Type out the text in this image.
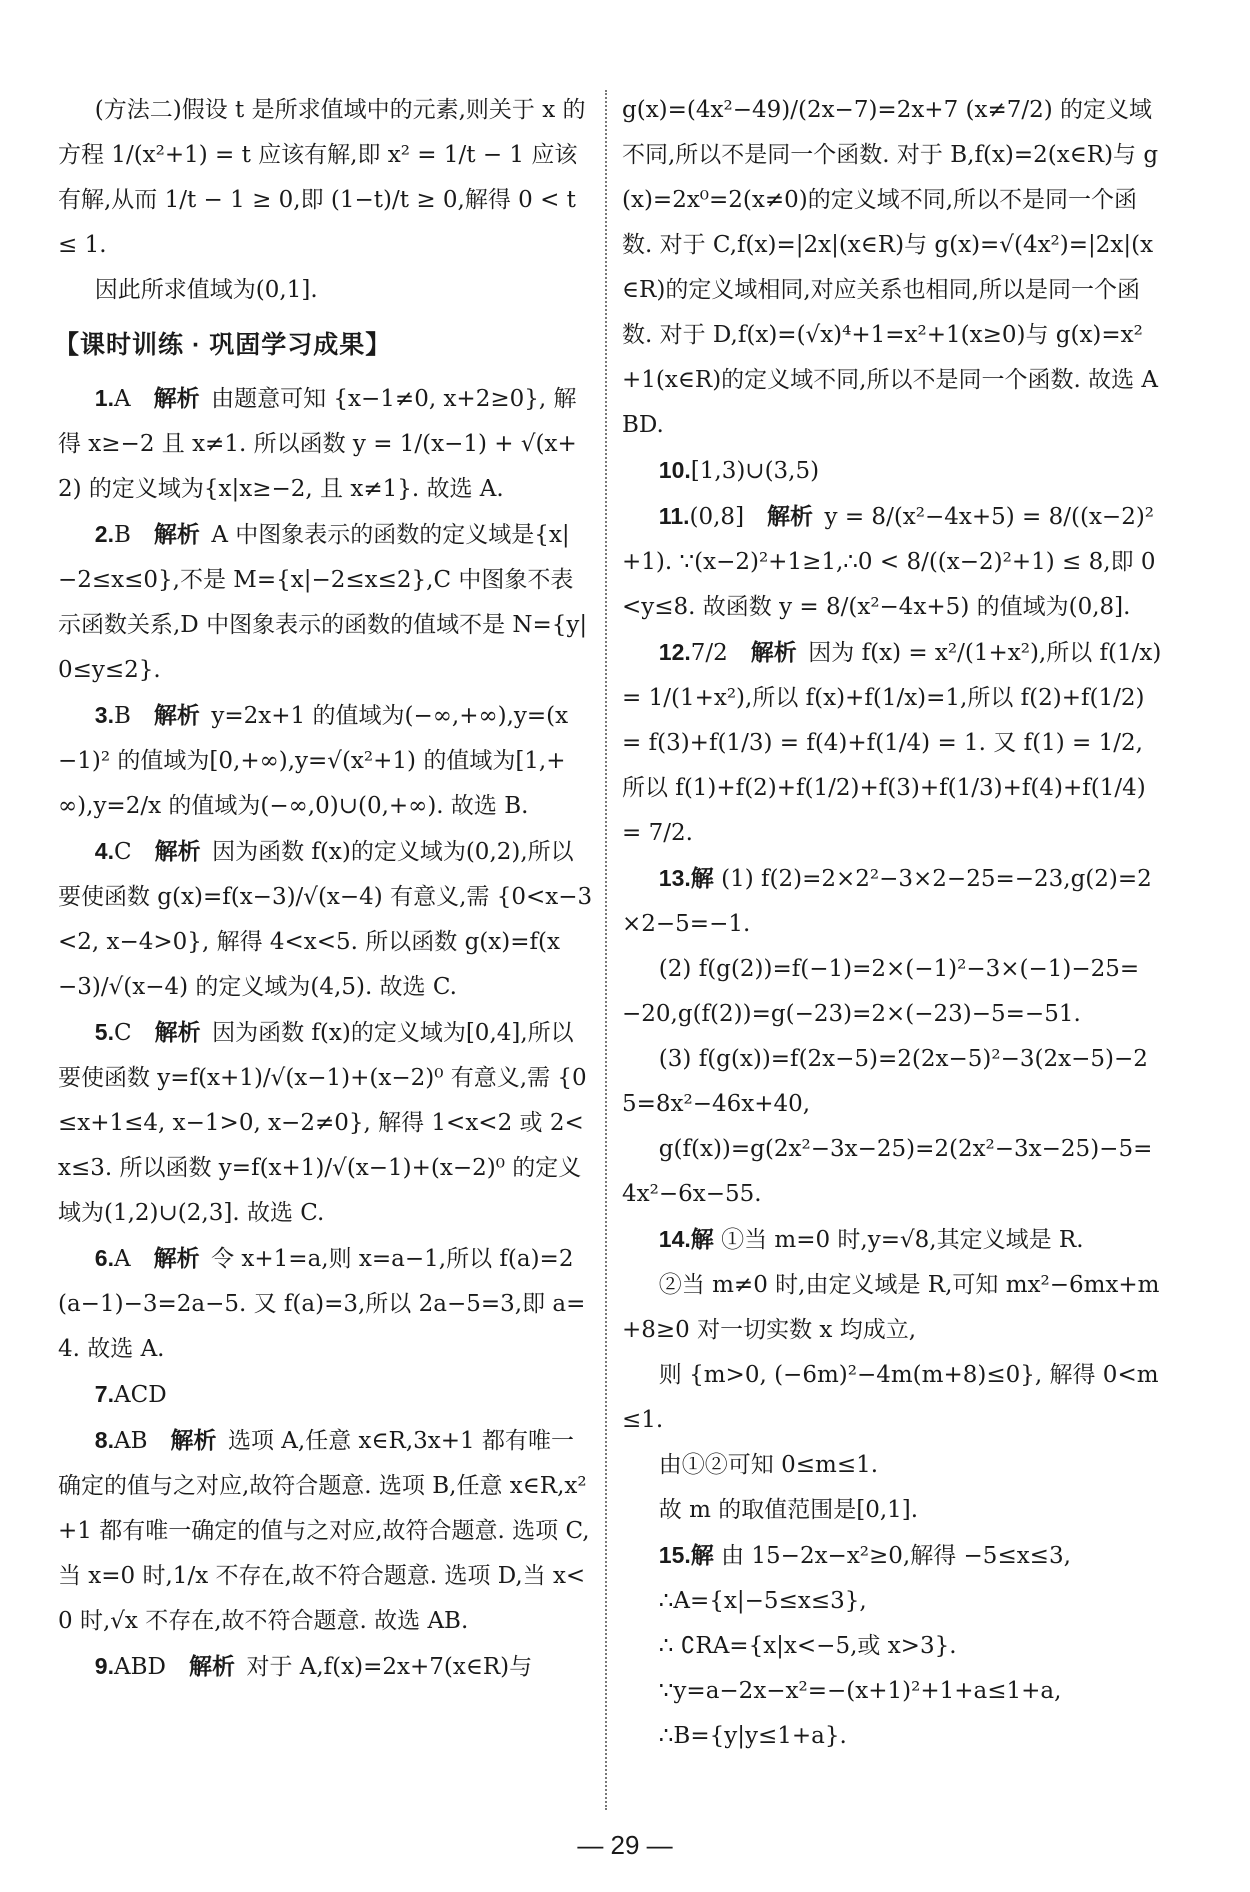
(方法二)假设 t 是所求值域中的元素,则关于 x 的方程 1/(x²+1) = t 应该有解,即 x² = 1/t − 1 应该有解,从而 1/t − 1 ≥ 0,即 (1−t)/t ≥ 0,解得 0 < t ≤ 1.

因此所求值域为(0,1].

【课时训练 · 巩固学习成果】

1.A 解析 由题意可知 {x−1≠0, x+2≥0}, 解得 x≥−2 且 x≠1. 所以函数 y = 1/(x−1) + √(x+2) 的定义域为{x|x≥−2, 且 x≠1}. 故选 A.

2.B 解析 A 中图象表示的函数的定义域是{x|−2≤x≤0},不是 M={x|−2≤x≤2},C 中图象不表示函数关系,D 中图象表示的函数的值域不是 N={y|0≤y≤2}.

3.B 解析 y=2x+1 的值域为(−∞,+∞),y=(x−1)² 的值域为[0,+∞),y=√(x²+1) 的值域为[1,+∞),y=2/x 的值域为(−∞,0)∪(0,+∞). 故选 B.

4.C 解析 因为函数 f(x)的定义域为(0,2),所以要使函数 g(x)=f(x−3)/√(x−4) 有意义,需 {0<x−3<2, x−4>0}, 解得 4<x<5. 所以函数 g(x)=f(x−3)/√(x−4) 的定义域为(4,5). 故选 C.

5.C 解析 因为函数 f(x)的定义域为[0,4],所以要使函数 y=f(x+1)/√(x−1)+(x−2)⁰ 有意义,需 {0≤x+1≤4, x−1>0, x−2≠0}, 解得 1<x<2 或 2<x≤3. 所以函数 y=f(x+1)/√(x−1)+(x−2)⁰ 的定义域为(1,2)∪(2,3]. 故选 C.

6.A 解析 令 x+1=a,则 x=a−1,所以 f(a)=2(a−1)−3=2a−5. 又 f(a)=3,所以 2a−5=3,即 a=4. 故选 A.

7.ACD

8.AB 解析 选项 A,任意 x∈R,3x+1 都有唯一确定的值与之对应,故符合题意. 选项 B,任意 x∈R,x²+1 都有唯一确定的值与之对应,故符合题意. 选项 C,当 x=0 时,1/x 不存在,故不符合题意. 选项 D,当 x<0 时,√x 不存在,故不符合题意. 故选 AB.

9.ABD 解析 对于 A,f(x)=2x+7(x∈R)与

g(x)=(4x²−49)/(2x−7)=2x+7 (x≠7/2) 的定义域不同,所以不是同一个函数. 对于 B,f(x)=2(x∈R)与 g(x)=2x⁰=2(x≠0)的定义域不同,所以不是同一个函数. 对于 C,f(x)=|2x|(x∈R)与 g(x)=√(4x²)=|2x|(x∈R)的定义域相同,对应关系也相同,所以是同一个函数. 对于 D,f(x)=(√x)⁴+1=x²+1(x≥0)与 g(x)=x²+1(x∈R)的定义域不同,所以不是同一个函数. 故选 ABD.

10.[1,3)∪(3,5)

11.(0,8] 解析 y = 8/(x²−4x+5) = 8/((x−2)²+1). ∵(x−2)²+1≥1,∴0 < 8/((x−2)²+1) ≤ 8,即 0<y≤8. 故函数 y = 8/(x²−4x+5) 的值域为(0,8].

12.7/2 解析 因为 f(x) = x²/(1+x²),所以 f(1/x) = 1/(1+x²),所以 f(x)+f(1/x)=1,所以 f(2)+f(1/2) = f(3)+f(1/3) = f(4)+f(1/4) = 1. 又 f(1) = 1/2,所以 f(1)+f(2)+f(1/2)+f(3)+f(1/3)+f(4)+f(1/4) = 7/2.

13.解 (1) f(2)=2×2²−3×2−25=−23,g(2)=2×2−5=−1.

(2) f(g(2))=f(−1)=2×(−1)²−3×(−1)−25=−20,g(f(2))=g(−23)=2×(−23)−5=−51.

(3) f(g(x))=f(2x−5)=2(2x−5)²−3(2x−5)−25=8x²−46x+40,

g(f(x))=g(2x²−3x−25)=2(2x²−3x−25)−5=4x²−6x−55.

14.解 ①当 m=0 时,y=√8,其定义域是 R.

②当 m≠0 时,由定义域是 R,可知 mx²−6mx+m+8≥0 对一切实数 x 均成立,

则 {m>0, (−6m)²−4m(m+8)≤0}, 解得 0<m≤1.

由①②可知 0≤m≤1.

故 m 的取值范围是[0,1].

15.解 由 15−2x−x²≥0,解得 −5≤x≤3,

∴A={x|−5≤x≤3},

∴ ∁RA={x|x<−5,或 x>3}.

∵y=a−2x−x²=−(x+1)²+1+a≤1+a,

∴B={y|y≤1+a}.

— 29 —
